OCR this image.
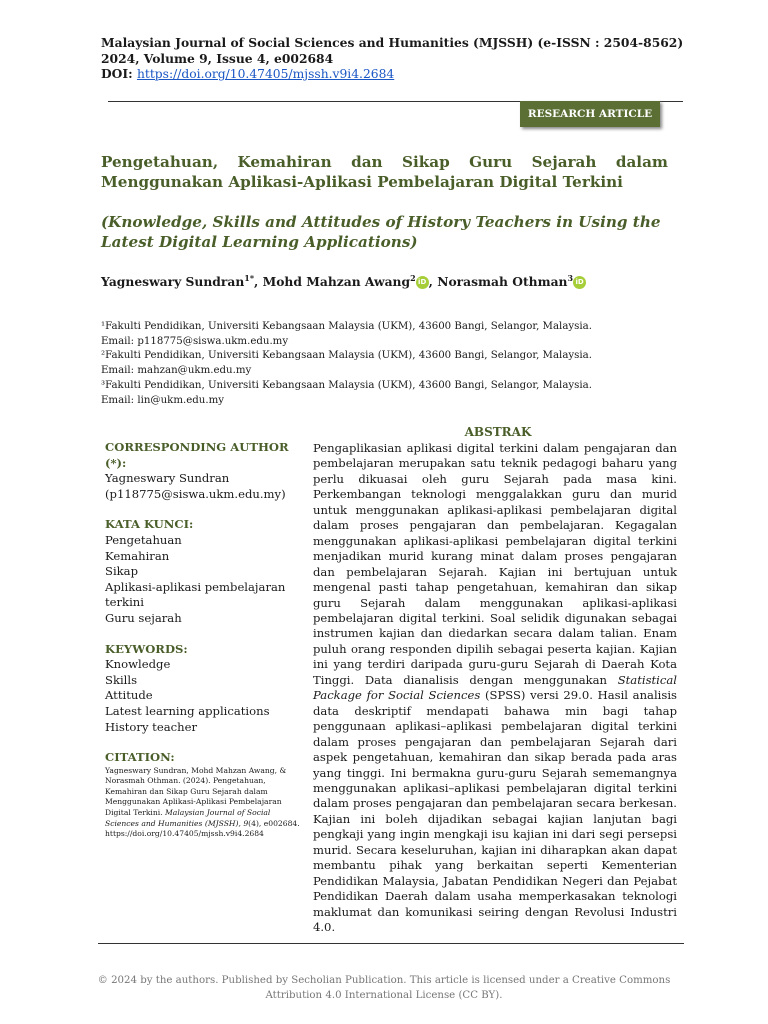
Malaysian Journal of Social Sciences and Humanities (MJSSH) (e-ISSN : 2504-8562)
2024, Volume 9, Issue 4, e002684
DOI: https://doi.org/10.47405/mjssh.v9i4.2684
RESEARCH ARTICLE
Pengetahuan, Kemahiran dan Sikap Guru Sejarah dalam Menggunakan Aplikasi-Aplikasi Pembelajaran Digital Terkini
(Knowledge, Skills and Attitudes of History Teachers in Using the Latest Digital Learning Applications)
Yagneswary Sundran$^{1*}$, Mohd Mahzan Awang$^2$ iD , Norasmah Othman$^3$ iD
¹Fakulti Pendidikan, Universiti Kebangsaan Malaysia (UKM), 43600 Bangi, Selangor, Malaysia.
Email: p118775@siswa.ukm.edu.my
²Fakulti Pendidikan, Universiti Kebangsaan Malaysia (UKM), 43600 Bangi, Selangor, Malaysia.
Email: mahzan@ukm.edu.my
³Fakulti Pendidikan, Universiti Kebangsaan Malaysia (UKM), 43600 Bangi, Selangor, Malaysia.
Email: lin@ukm.edu.my
CORRESPONDING AUTHOR (*):
Yagneswary Sundran
(p118775@siswa.ukm.edu.my)
KATA KUNCI:
Pengetahuan
Kemahiran
Sikap
Aplikasi-aplikasi pembelajaran terkini
Guru sejarah
KEYWORDS:
Knowledge
Skills
Attitude
Latest learning applications
History teacher
CITATION:
Yagneswary Sundran, Mohd Mahzan Awang, & Norasmah Othman. (2024). Pengetahuan, Kemahiran dan Sikap Guru Sejarah dalam Menggunakan Aplikasi-Aplikasi Pembelajaran Digital Terkini. Malaysian Journal of Social Sciences and Humanities (MJSSH), 9(4), e002684. https://doi.org/10.47405/mjssh.v9i4.2684
ABSTRAK
Pengaplikasian aplikasi digital terkini dalam pengajaran dan pembelajaran merupakan satu teknik pedagogi baharu yang perlu dikuasai oleh guru Sejarah pada masa kini. Perkembangan teknologi menggalakkan guru dan murid untuk menggunakan aplikasi-aplikasi pembelajaran digital dalam proses pengajaran dan pembelajaran. Kegagalan menggunakan aplikasi-aplikasi pembelajaran digital terkini menjadikan murid kurang minat dalam proses pengajaran dan pembelajaran Sejarah. Kajian ini bertujuan untuk mengenal pasti tahap pengetahuan, kemahiran dan sikap guru Sejarah dalam menggunakan aplikasi-aplikasi pembelajaran digital terkini. Soal selidik digunakan sebagai instrumen kajian dan diedarkan secara dalam talian. Enam puluh orang responden dipilih sebagai peserta kajian. Kajian ini yang terdiri daripada guru-guru Sejarah di Daerah Kota Tinggi. Data dianalisis dengan menggunakan Statistical Package for Social Sciences (SPSS) versi 29.0. Hasil analisis data deskriptif mendapati bahawa min bagi tahap penggunaan aplikasi–aplikasi pembelajaran digital terkini dalam proses pengajaran dan pembelajaran Sejarah dari aspek pengetahuan, kemahiran dan sikap berada pada aras yang tinggi. Ini bermakna guru-guru Sejarah sememangnya menggunakan aplikasi–aplikasi pembelajaran digital terkini dalam proses pengajaran dan pembelajaran secara berkesan. Kajian ini boleh dijadikan sebagai kajian lanjutan bagi pengkaji yang ingin mengkaji isu kajian ini dari segi persepsi murid. Secara keseluruhan, kajian ini diharapkan akan dapat membantu pihak yang berkaitan seperti Kementerian Pendidikan Malaysia, Jabatan Pendidikan Negeri dan Pejabat Pendidikan Daerah dalam usaha memperkasakan teknologi maklumat dan komunikasi seiring dengan Revolusi Industri 4.0.
© 2024 by the authors. Published by Secholian Publication. This article is licensed under a Creative Commons Attribution 4.0 International License (CC BY).
